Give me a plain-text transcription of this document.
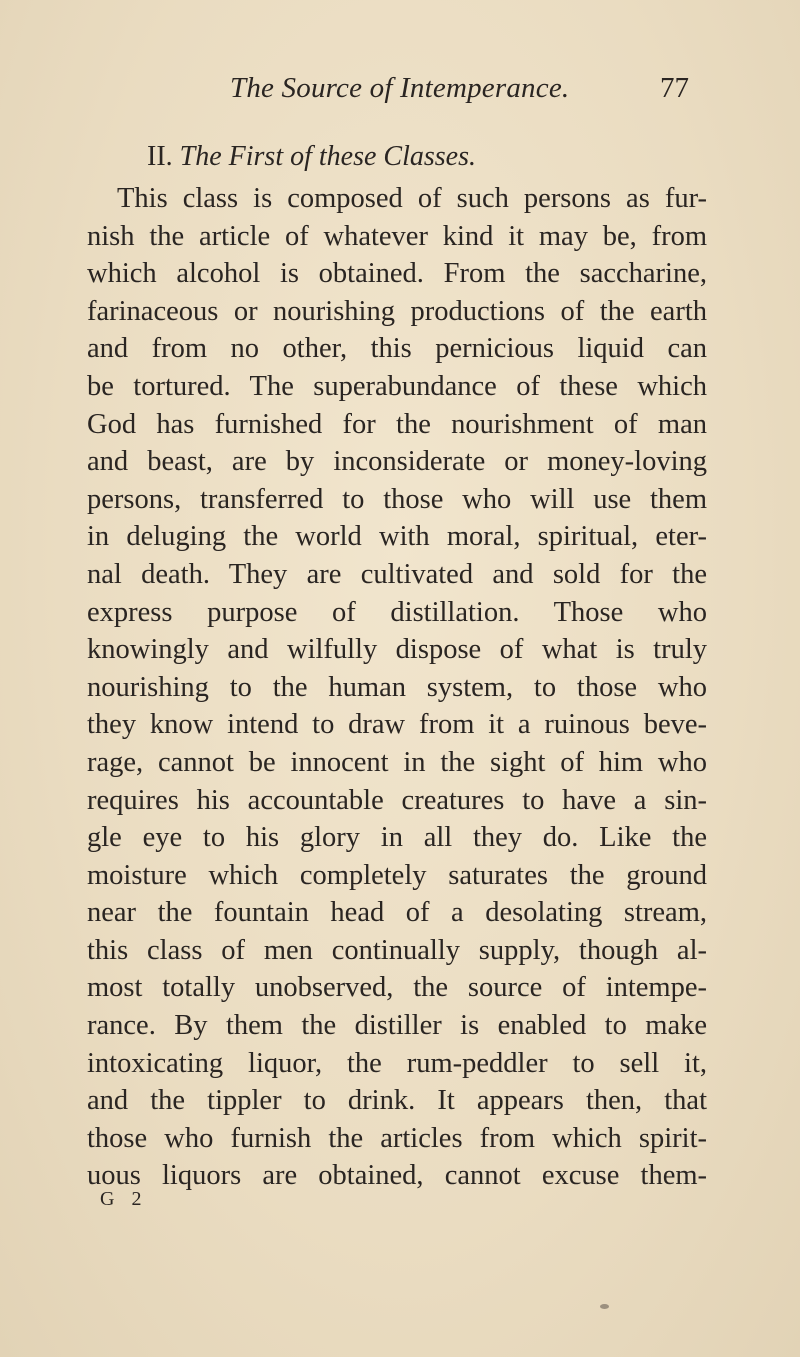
The Source of Intemperance.	77
II. The First of these Classes.
This class is composed of such persons as fur-
nish the article of whatever kind it may be, from
which alcohol is obtained. From the saccharine,
farinaceous or nourishing productions of the earth
and from no other, this pernicious liquid can
be tortured. The superabundance of these which
God has furnished for the nourishment of man
and beast, are by inconsiderate or money-loving
persons, transferred to those who will use them
in deluging the world with moral, spiritual, eter-
nal death. They are cultivated and sold for the
express purpose of distillation. Those who
knowingly and wilfully dispose of what is truly
nourishing to the human system, to those who
they know intend to draw from it a ruinous beve-
rage, cannot be innocent in the sight of him who
requires his accountable creatures to have a sin-
gle eye to his glory in all they do. Like the
moisture which completely saturates the ground
near the fountain head of a desolating stream,
this class of men continually supply, though al-
most totally unobserved, the source of intempe-
rance. By them the distiller is enabled to make
intoxicating liquor, the rum-peddler to sell it,
and the tippler to drink. It appears then, that
those who furnish the articles from which spirit-
uous liquors are obtained, cannot excuse them-
G 2
